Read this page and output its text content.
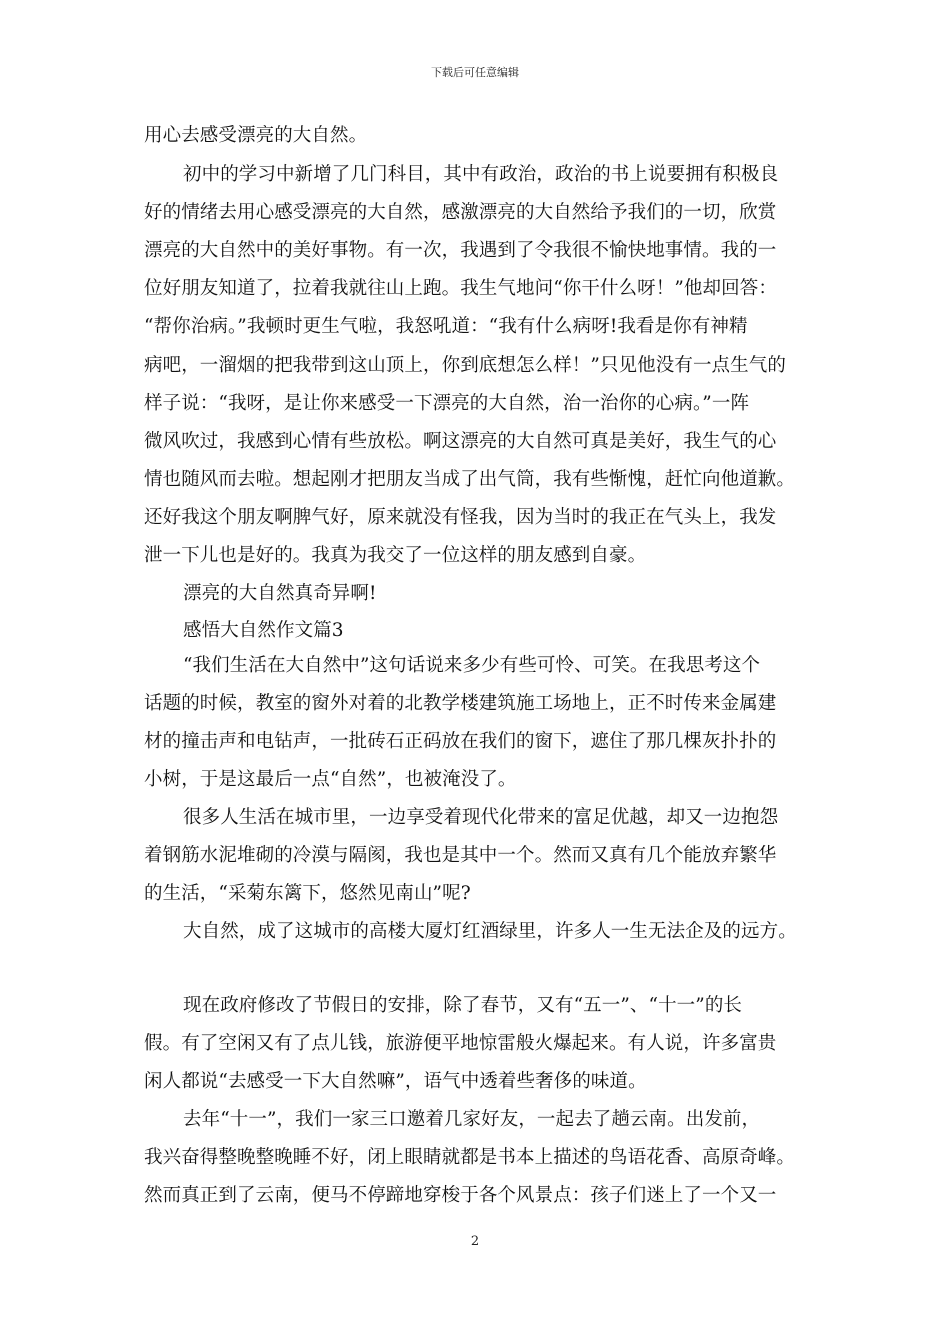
下载后可任意编辑
用心去感受漂亮的大自然。
初中的学习中新增了几门科目，其中有政治，政治的书上说要拥有积极良
好的情绪去用心感受漂亮的大自然，感激漂亮的大自然给予我们的一切，欣赏
漂亮的大自然中的美好事物。有一次，我遇到了令我很不愉快地事情。我的一
位好朋友知道了，拉着我就往山上跑。我生气地问“你干什么呀！”他却回答：
“帮你治病。”我顿时更生气啦，我怒吼道：“我有什么病呀!我看是你有神精
病吧，一溜烟的把我带到这山顶上，你到底想怎么样！”只见他没有一点生气的
样子说：“我呀，是让你来感受一下漂亮的大自然，治一治你的心病。”一阵
微风吹过，我感到心情有些放松。啊这漂亮的大自然可真是美好，我生气的心
情也随风而去啦。想起刚才把朋友当成了出气筒，我有些惭愧，赶忙向他道歉。
还好我这个朋友啊脾气好，原来就没有怪我，因为当时的我正在气头上，我发
泄一下儿也是好的。我真为我交了一位这样的朋友感到自豪。
漂亮的大自然真奇异啊!
感悟大自然作文篇3
“我们生活在大自然中”这句话说来多少有些可怜、可笑。在我思考这个
话题的时候，教室的窗外对着的北教学楼建筑施工场地上，正不时传来金属建
材的撞击声和电钻声，一批砖石正码放在我们的窗下，遮住了那几棵灰扑扑的
小树，于是这最后一点“自然”，也被淹没了。
很多人生活在城市里，一边享受着现代化带来的富足优越，却又一边抱怨
着钢筋水泥堆砌的冷漠与隔阂，我也是其中一个。然而又真有几个能放弃繁华
的生活，“采菊东篱下，悠然见南山”呢?
大自然，成了这城市的高楼大厦灯红酒绿里，许多人一生无法企及的远方。
现在政府修改了节假日的安排，除了春节，又有“五一”、“十一”的长
假。有了空闲又有了点儿钱，旅游便平地惊雷般火爆起来。有人说，许多富贵
闲人都说“去感受一下大自然嘛”，语气中透着些奢侈的味道。
去年“十一”，我们一家三口邀着几家好友，一起去了趟云南。出发前，
我兴奋得整晚整晚睡不好，闭上眼睛就都是书本上描述的鸟语花香、高原奇峰。
然而真正到了云南，便马不停蹄地穿梭于各个风景点：孩子们迷上了一个又一
2
